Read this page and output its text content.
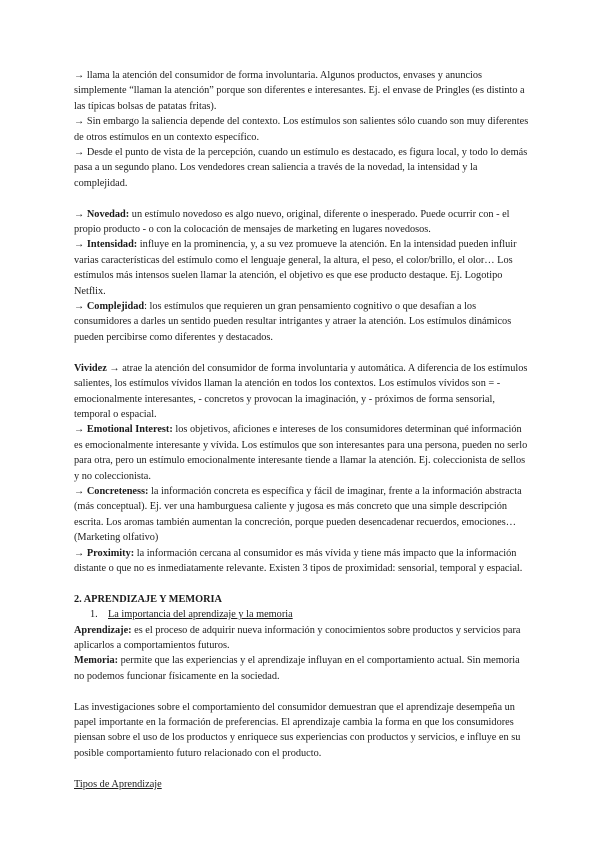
→ llama la atención del consumidor de forma involuntaria. Algunos productos, envases y anuncios simplemente “llaman la atención” porque son diferentes e interesantes. Ej. el envase de Pringles (es distinto a las típicas bolsas de patatas fritas).

→ Sin embargo la saliencia depende del contexto. Los estímulos son salientes sólo cuando son muy diferentes de otros estímulos en un contexto específico.

→ Desde el punto de vista de la percepción, cuando un estímulo es destacado, es figura local, y todo lo demás pasa a un segundo plano. Los vendedores crean saliencia a través de la novedad, la intensidad y la complejidad.

→ Novedad: un estímulo novedoso es algo nuevo, original, diferente o inesperado. Puede ocurrir con - el propio producto - o con la colocación de mensajes de marketing en lugares novedosos.

→ Intensidad: influye en la prominencia, y, a su vez promueve la atención. En la intensidad pueden influir varias características del estímulo como el lenguaje general, la altura, el peso, el color/brillo, el olor… Los estímulos más intensos suelen llamar la atención, el objetivo es que ese producto destaque. Ej. Logotipo Netflix.

→ Complejidad: los estímulos que requieren un gran pensamiento cognitivo o que desafían a los consumidores a darles un sentido pueden resultar intrigantes y atraer la atención. Los estímulos dinámicos pueden percibirse como diferentes y destacados.

Vividez → atrae la atención del consumidor de forma involuntaria y automática. A diferencia de los estímulos salientes, los estímulos vívidos llaman la atención en todos los contextos. Los estímulos vívidos son = - emocionalmente interesantes, - concretos y provocan la imaginación, y - próximos de forma sensorial, temporal o espacial.

→ Emotional Interest: los objetivos, aficiones e intereses de los consumidores determinan qué información es emocionalmente interesante y vívida. Los estímulos que son interesantes para una persona, pueden no serlo para otra, pero un estímulo emocionalmente interesante tiende a llamar la atención. Ej. coleccionista de sellos y no coleccionista.

→ Concreteness: la información concreta es específica y fácil de imaginar, frente a la información abstracta (más conceptual). Ej. ver una hamburguesa caliente y jugosa es más concreto que una simple descripción escrita. Los aromas también aumentan la concreción, porque pueden desencadenar recuerdos, emociones… (Marketing olfativo)

→ Proximity: la información cercana al consumidor es más vívida y tiene más impacto que la información distante o que no es inmediatamente relevante. Existen 3 tipos de proximidad: sensorial, temporal y espacial.

2. APRENDIZAJE Y MEMORIA

1. La importancia del aprendizaje y la memoria

Aprendizaje: es el proceso de adquirir nueva información y conocimientos sobre productos y servicios para aplicarlos a comportamientos futuros.

Memoria: permite que las experiencias y el aprendizaje influyan en el comportamiento actual. Sin memoria no podemos funcionar físicamente en la sociedad.

Las investigaciones sobre el comportamiento del consumidor demuestran que el aprendizaje desempeña un papel importante en la formación de preferencias. El aprendizaje cambia la forma en que los consumidores piensan sobre el uso de los productos y enriquece sus experiencias con productos y servicios, e influye en su posible comportamiento futuro relacionado con el producto.

Tipos de Aprendizaje
